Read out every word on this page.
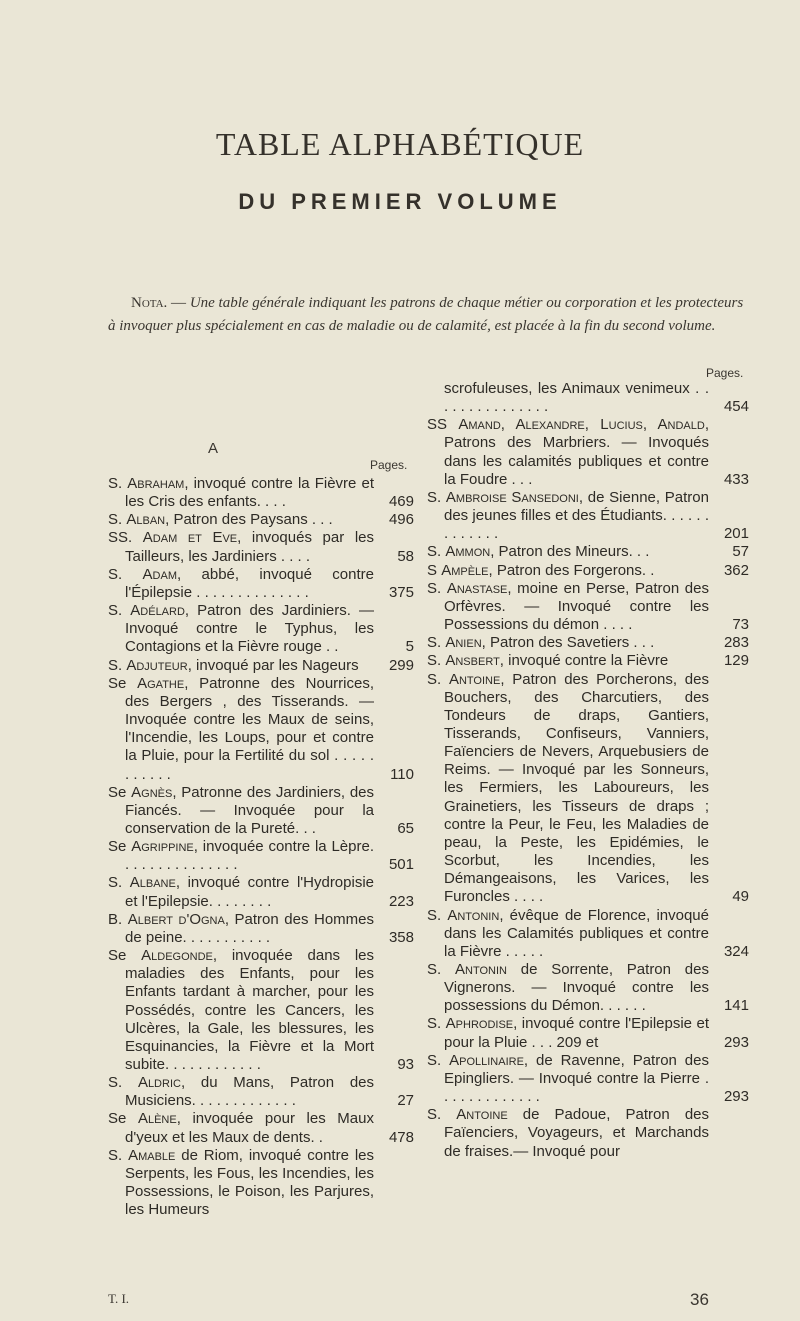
TABLE ALPHABÉTIQUE
DU PREMIER VOLUME
Nota. — Une table générale indiquant les patrons de chaque métier ou corporation et les protecteurs à invoquer plus spécialement en cas de maladie ou de calamité, est placée à la fin du second volume.
A
Pages.
Pages.
S. Abraham, invoqué contre la Fièvre et les Cris des enfants. . . .	469
S. Alban, Patron des Paysans . . .	496
SS. Adam et Eve, invoqués par les Tailleurs, les Jardiniers . . . .	58
S. Adam, abbé, invoqué contre l'Épilepsie . . . . . . . . . . . . . .	375
S. Adélard, Patron des Jardiniers. — Invoqué contre le Typhus, les Contagions et la Fièvre rouge . .	5
S. Adjuteur, invoqué par les Nageurs	299
Se Agathe, Patronne des Nourrices, des Bergers , des Tisserands. — Invoquée contre les Maux de seins, l'Incendie, les Loups, pour et contre la Pluie, pour la Fertilité du sol . . . . . . . . . . .	110
Se Agnès, Patronne des Jardiniers, des Fiancés. — Invoquée pour la conservation de la Pureté. . .	65
Se Agrippine, invoquée contre la Lèpre. . . . . . . . . . . . . . .	501
S. Albane, invoqué contre l'Hydropisie et l'Epilepsie. . . . . . . .	223
B. Albert d'Ogna, Patron des Hommes de peine. . . . . . . . . . .	358
Se Aldegonde, invoquée dans les maladies des Enfants, pour les Enfants tardant à marcher, pour les Possédés, contre les Cancers, les Ulcères, la Gale, les blessures, les Esquinancies, la Fièvre et la Mort subite. . . . . . . . . . . .	93
S. Aldric, du Mans, Patron des Musiciens. . . . . . . . . . . . .	27
Se Alène, invoquée pour les Maux d'yeux et les Maux de dents. .	478
S. Amable de Riom, invoqué contre les Serpents, les Fous, les Incendies, les Possessions, le Poison, les Parjures, les Humeurs
scrofuleuses, les Animaux venimeux . . . . . . . . . . . . . . .	454
SS Amand, Alexandre, Lucius, Andald, Patrons des Marbriers. — Invoqués dans les calamités publiques et contre la Foudre . . .	433
S. Ambroise Sansedoni, de Sienne, Patron des jeunes filles et des Étudiants. . . . . . . . . . . . .	201
S. Ammon, Patron des Mineurs. . .	57
S Ampèle, Patron des Forgerons. .	362
S. Anastase, moine en Perse, Patron des Orfèvres. — Invoqué contre les Possessions du démon . . . .	73
S. Anien, Patron des Savetiers . . .	283
S. Ansbert, invoqué contre la Fièvre	129
S. Antoine, Patron des Porcherons, des Bouchers, des Charcutiers, des Tondeurs de draps, Gantiers, Tisserands, Confiseurs, Vanniers, Faïenciers de Nevers, Arquebusiers de Reims. — Invoqué par les Sonneurs, les Fermiers, les Laboureurs, les Grainetiers, les Tisseurs de draps ; contre la Peur, le Feu, les Maladies de peau, la Peste, les Epidémies, le Scorbut, les Incendies, les Démangeaisons, les Varices, les Furoncles . . . .	49
S. Antonin, évêque de Florence, invoqué dans les Calamités publiques et contre la Fièvre . . . . .	324
S. Antonin de Sorrente, Patron des Vignerons. — Invoqué contre les possessions du Démon. . . . . .	141
S. Aphrodise, invoqué contre l'Epilepsie et pour la Pluie . . . 209 et	293
S. Apollinaire, de Ravenne, Patron des Epingliers. — Invoqué contre la Pierre . . . . . . . . . . . . .	293
S. Antoine de Padoue, Patron des Faïenciers, Voyageurs, et Marchands de fraises.— Invoqué pour
T. I.	36
